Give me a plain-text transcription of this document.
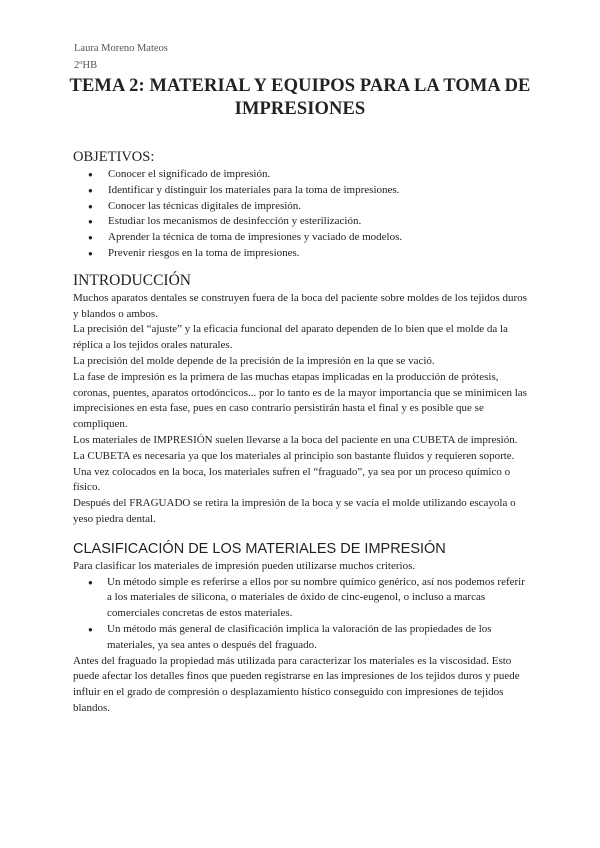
Laura Moreno Mateos
2ºHB
TEMA 2: MATERIAL Y EQUIPOS PARA LA TOMA DE IMPRESIONES
OBJETIVOS:
● Conocer el significado de impresión.
● Identificar y distinguir los materiales para la toma de impresiones.
● Conocer las técnicas digitales de impresión.
● Estudiar los mecanismos de desinfección y esterilización.
● Aprender la técnica de toma de impresiones y vaciado de modelos.
● Prevenir riesgos en la toma de impresiones.
INTRODUCCIÓN

Muchos aparatos dentales se construyen fuera de la boca del paciente sobre moldes de los tejidos duros y blandos o ambos.

La precisión del “ajuste” y la eficacia funcional del aparato dependen de lo bien que el molde da la réplica a los tejidos orales naturales.

La precisión del molde depende de la precisión de la impresión en la que se vació.

La fase de impresión es la primera de las muchas etapas implicadas en la producción de prótesis, coronas, puentes, aparatos ortodóncicos... por lo tanto es de la mayor importancia que se minimicen las imprecisiones en esta fase, pues en caso contrario persistirán hasta el final y es posible que se compliquen.

Los materiales de IMPRESIÓN suelen llevarse a la boca del paciente en una CUBETA de impresión.

La CUBETA es necesaria ya que los materiales al principio son bastante fluidos y requieren soporte.

Una vez colocados en la boca, los materiales sufren el “fraguado”, ya sea por un proceso químico o físico.

Después del FRAGUADO se retira la impresión de la boca y se vacía el molde utilizando escayola o yeso piedra dental.

CLASIFICACIÓN DE LOS MATERIALES DE IMPRESIÓN

Para clasificar los materiales de impresión pueden utilizarse muchos criterios.

● Un método simple es referirse a ellos por su nombre químico genérico, así nos podemos referir a los materiales de silicona, o materiales de óxido de cinc-eugenol, o incluso a marcas comerciales concretas de estos materiales.
● Un método más general de clasificación implica la valoración de las propiedades de los materiales, ya sea antes o después del fraguado.

Antes del fraguado la propiedad más utilizada para caracterizar los materiales es la viscosidad. Esto puede afectar los detalles finos que pueden registrarse en las impresiones de los tejidos duros y puede influir en el grado de compresión o desplazamiento hístico conseguido con impresiones de tejidos blandos.
